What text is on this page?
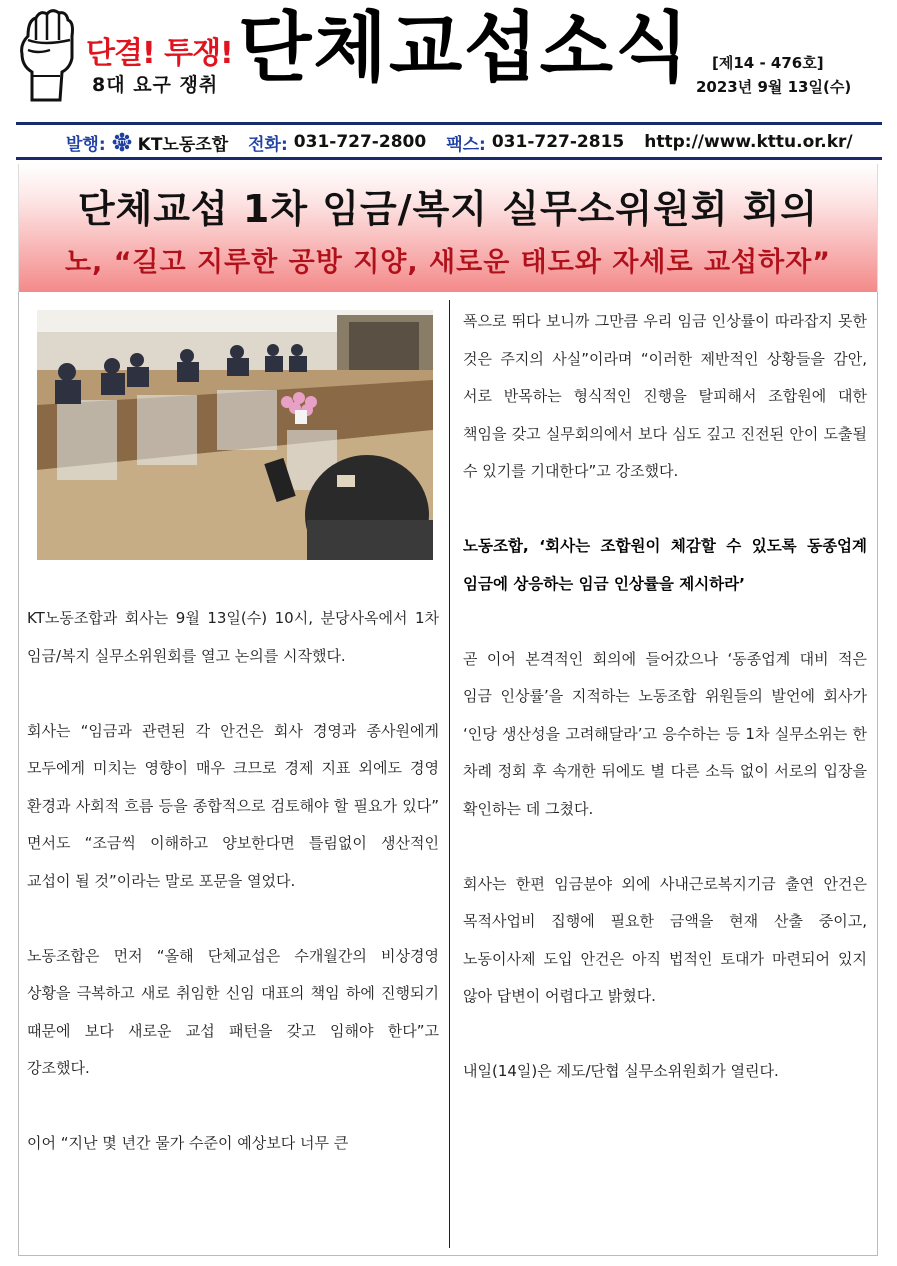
단결! 투쟁!
8대 요구 쟁취 단체교섭소식 [제14 - 476호]
2023년 9월 13일(수)
발행:	KTTU KT노동조합 전화: 031-727-2800 팩스: 031-727-2815 http://www.kttu.or.kr/
단체교섭 1차 임금/복지 실무소위원회 회의
노, “길고 지루한 공방 지양, 새로운 태도와 자세로 교섭하자”

KT노동조합과 회사는 9월 13일(수) 10시, 분당사옥에서 1차 임금/복지 실무소위원회를 열고 논의를 시작했다.

회사는 “임금과 관련된 각 안건은 회사 경영과 종사원에게 모두에게 미치는 영향이 매우 크므로 경제 지표 외에도 경영 환경과 사회적 흐름 등을 종합적으로 검토해야 할 필요가 있다” 면서도 “조금씩 이해하고 양보한다면 틀림없이 생산적인 교섭이 될 것”이라는 말로 포문을 열었다.

노동조합은 먼저 “올해 단체교섭은 수개월간의 비상경영 상황을 극복하고 새로 취임한 신임 대표의 책임 하에 진행되기 때문에 보다 새로운 교섭 패턴을 갖고 임해야 한다”고 강조했다.

이어 “지난 몇 년간 물가 수준이 예상보다 너무 큰

폭으로 뛰다 보니까 그만큼 우리 임금 인상률이 따라잡지 못한 것은 주지의 사실”이라며 “이러한 제반적인 상황들을 감안, 서로 반목하는 형식적인 진행을 탈피해서 조합원에 대한 책임을 갖고 실무회의에서 보다 심도 깊고 진전된 안이 도출될 수 있기를 기대한다”고 강조했다.

노동조합, ‘회사는 조합원이 체감할 수 있도록 동종업계 임금에 상응하는 임금 인상률을 제시하라’

곧 이어 본격적인 회의에 들어갔으나 ‘동종업계 대비 적은 임금 인상률’을 지적하는 노동조합 위원들의 발언에 회사가 ‘인당 생산성을 고려해달라’고 응수하는 등 1차 실무소위는 한 차례 정회 후 속개한 뒤에도 별 다른 소득 없이 서로의 입장을 확인하는 데 그쳤다.

회사는 한편 임금분야 외에 사내근로복지기금 출연 안건은 목적사업비 집행에 필요한 금액을 현재 산출 중이고, 노동이사제 도입 안건은 아직 법적인 토대가 마련되어 있지 않아 답변이 어렵다고 밝혔다.

내일(14일)은 제도/단협 실무소위원회가 열린다.
